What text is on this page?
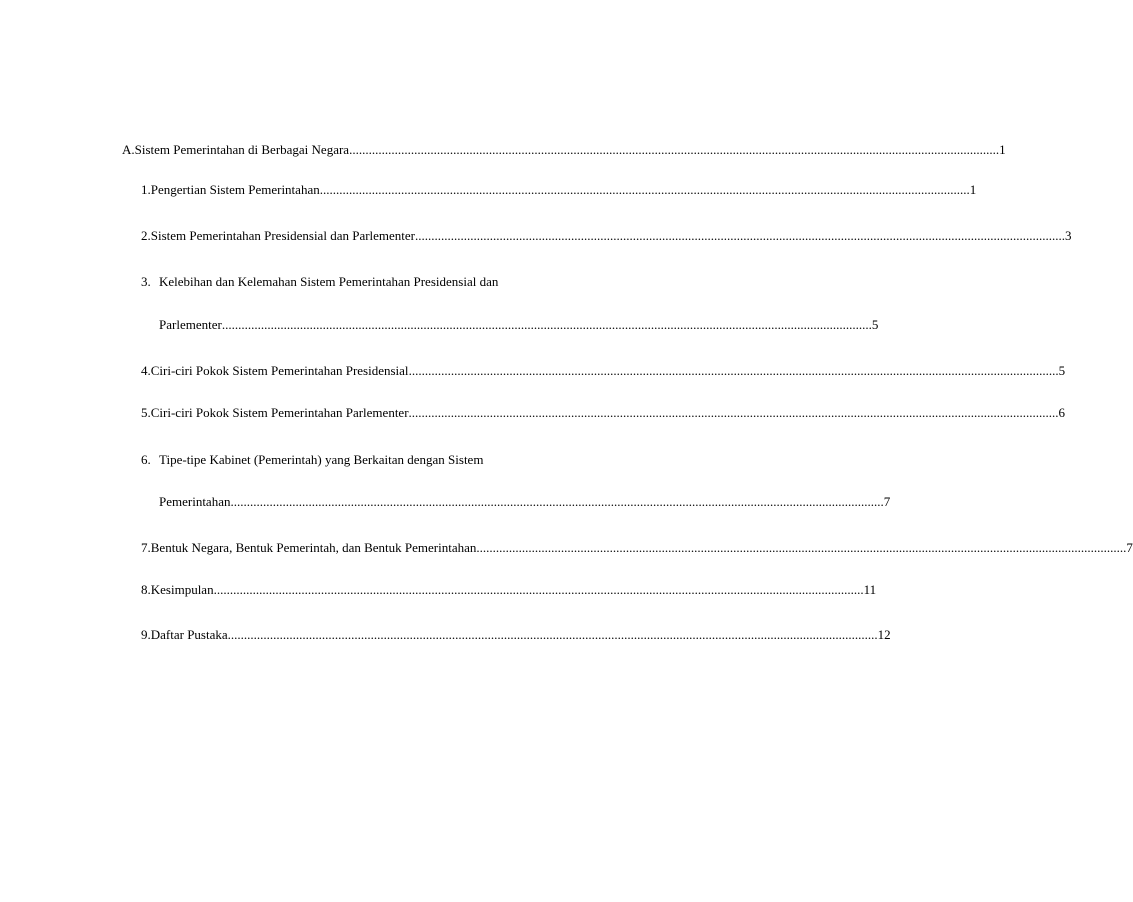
A. Sistem Pemerintahan di Berbagai Negara ........................................................................................................................................................................................................ 1
1. Pengertian Sistem Pemerintahan ........................................................................................................................................................................................................ 1
2. Sistem Pemerintahan Presidensial dan Parlementer ........................................................................................................................................................................................................ 3
3. Kelebihan dan Kelemahan Sistem Pemerintahan Presidensial dan
Parlementer ........................................................................................................................................................................................................ 5
4. Ciri-ciri Pokok Sistem Pemerintahan Presidensial ........................................................................................................................................................................................................ 5
5. Ciri-ciri Pokok Sistem Pemerintahan Parlementer ........................................................................................................................................................................................................ 6
6. Tipe-tipe Kabinet (Pemerintah) yang Berkaitan dengan Sistem
Pemerintahan. ........................................................................................................................................................................................................ 7
7. Bentuk Negara, Bentuk Pemerintah, dan Bentuk Pemerintahan ........................................................................................................................................................................................................ 7
8. Kesimpulan ........................................................................................................................................................................................................ 11
9. Daftar Pustaka ........................................................................................................................................................................................................ 12
